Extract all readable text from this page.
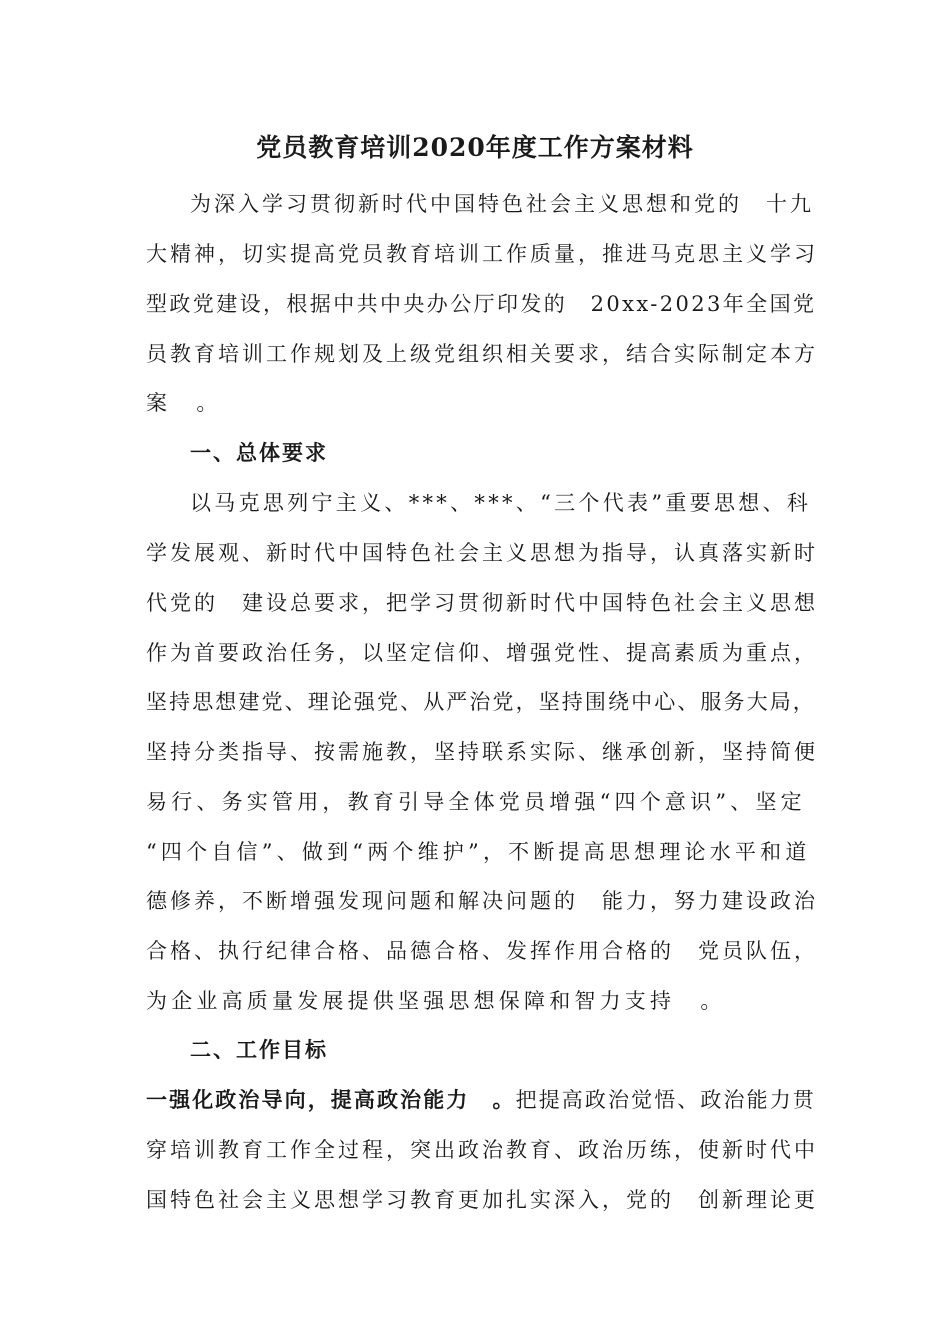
党员教育培训2020年度工作方案材料
为深入学习贯彻新时代中国特色社会主义思想和党的　十九
大精神，切实提高党员教育培训工作质量，推进马克思主义学习
型政党建设，根据中共中央办公厅印发的　20xx-2023年全国党
员教育培训工作规划及上级党组织相关要求，结合实际制定本方
案　。
一、总体要求
以马克思列宁主义、***、***、“三个代表”重要思想、科
学发展观、新时代中国特色社会主义思想为指导，认真落实新时
代党的　建设总要求，把学习贯彻新时代中国特色社会主义思想
作为首要政治任务，以坚定信仰、增强党性、提高素质为重点，
坚持思想建党、理论强党、从严治党，坚持围绕中心、服务大局，
坚持分类指导、按需施教，坚持联系实际、继承创新，坚持简便
易行、务实管用，教育引导全体党员增强“四个意识”、坚定
“四个自信”、做到“两个维护”，不断提高思想理论水平和道
德修养，不断增强发现问题和解决问题的　能力，努力建设政治
合格、执行纪律合格、品德合格、发挥作用合格的　党员队伍，
为企业高质量发展提供坚强思想保障和智力支持　。
二、工作目标
一强化政治导向，提高政治能力　。把提高政治觉悟、政治能力贯
穿培训教育工作全过程，突出政治教育、政治历练，使新时代中
国特色社会主义思想学习教育更加扎实深入，党的　创新理论更
